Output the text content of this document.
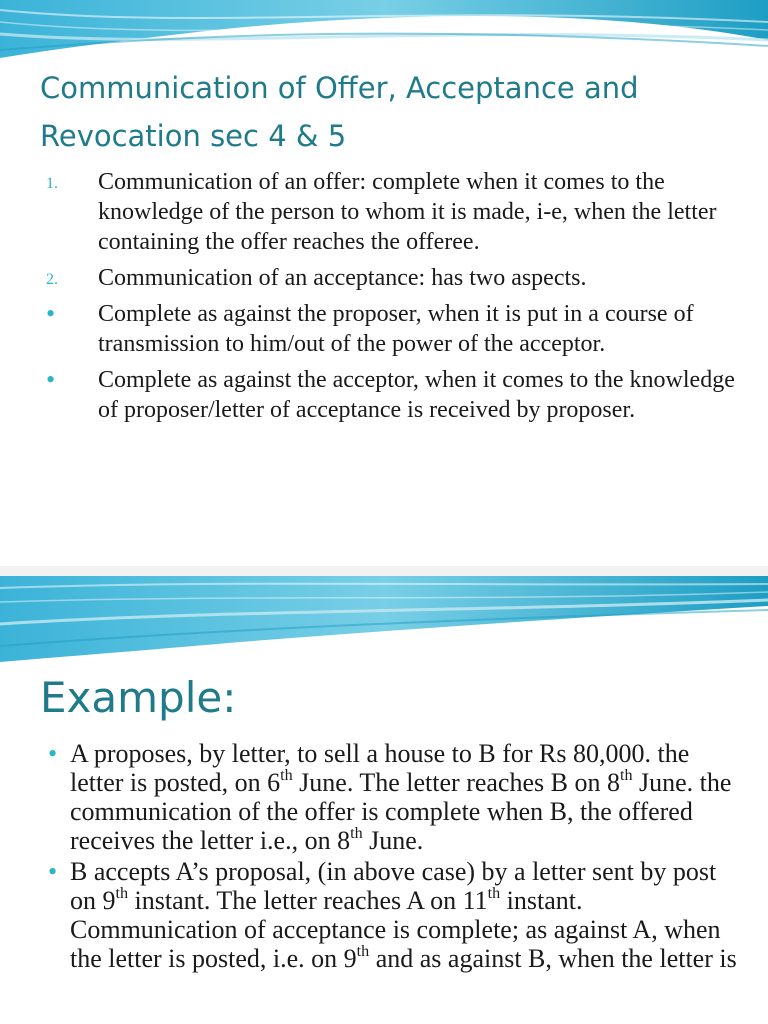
Communication of Offer, Acceptance and Revocation sec 4 & 5
1. Communication of an offer: complete when it comes to the knowledge of the person to whom it is made, i-e, when the letter containing the offer reaches the offeree.
2. Communication of an acceptance: has two aspects.
• Complete as against the proposer, when it is put in a course of transmission to him/out of the power of the acceptor.
• Complete as against the acceptor, when it comes to the knowledge of proposer/letter of acceptance is received by proposer.
Example:
• A proposes, by letter, to sell a house to B for Rs 80,000. the letter is posted, on 6th June. The letter reaches B on 8th June. the communication of the offer is complete when B, the offered receives the letter i.e., on 8th June.
• B accepts A’s proposal, (in above case) by a letter sent by post on 9th instant. The letter reaches A on 11th instant. Communication of acceptance is complete; as against A, when the letter is posted, i.e. on 9th and as against B, when the letter is
